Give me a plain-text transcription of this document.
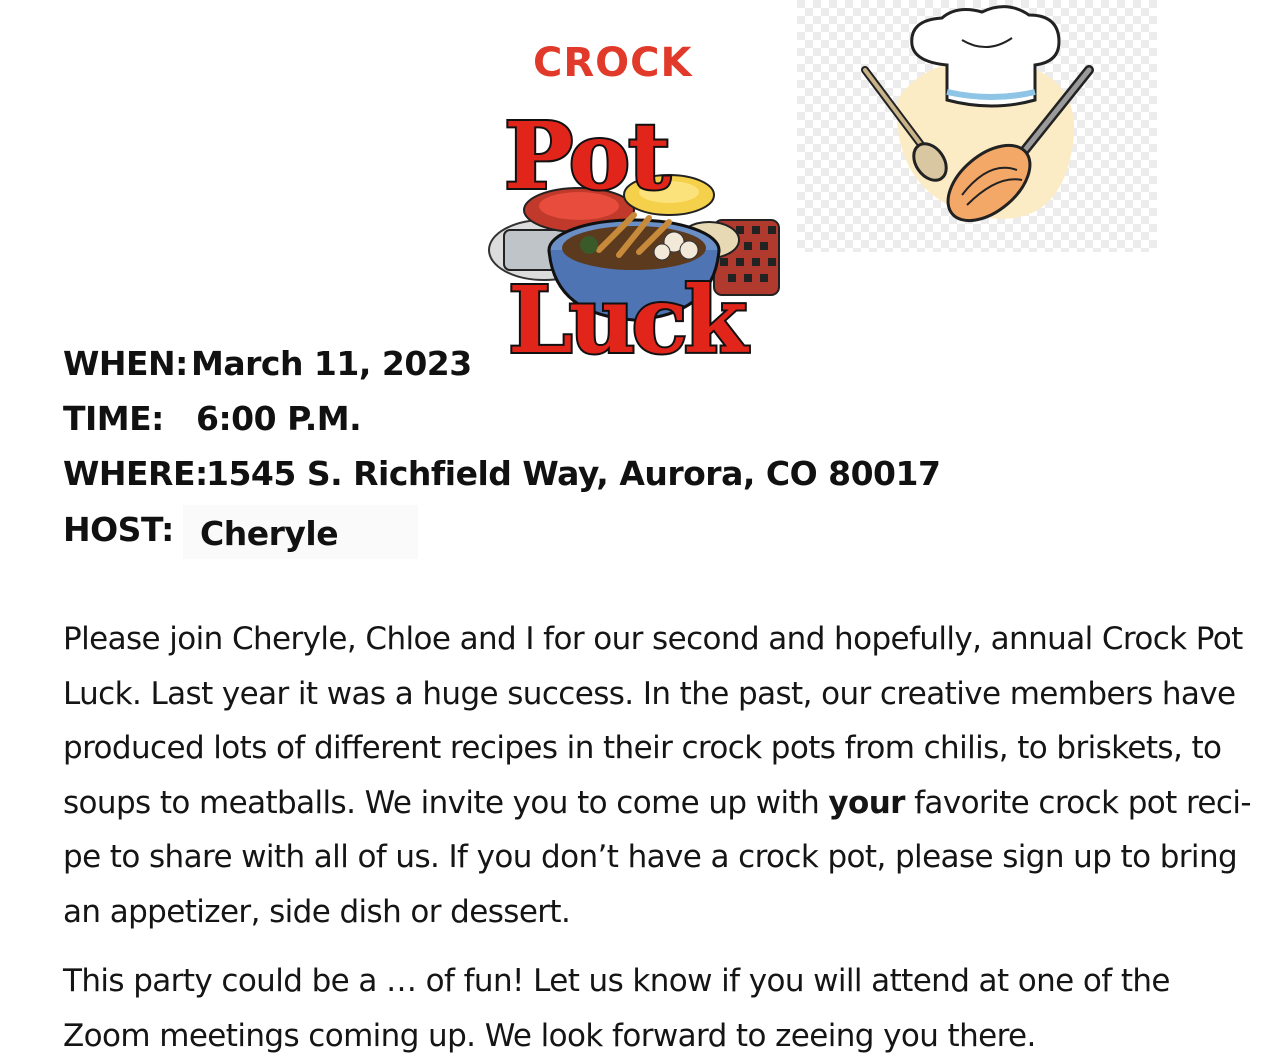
CROCK
Pot
Luck
WHEN:March 11, 2023
TIME: 6:00 P.M.
WHERE:1545 S. Richfield Way, Aurora, CO 80017
HOST: Cheryle
Please join Cheryle, Chloe and I for our second and hopefully, annual Crock Pot
Luck. Last year it was a huge success. In the past, our creative members have
produced lots of different recipes in their crock pots from chilis, to briskets, to
soups to meatballs. We invite you to come up with your favorite crock pot reci-
pe to share with all of us. If you don’t have a crock pot, please sign up to bring
an appetizer, side dish or dessert.
This party could be a … of fun! Let us know if you will attend at one of the
Zoom meetings coming up. We look forward to zeeing you there.
